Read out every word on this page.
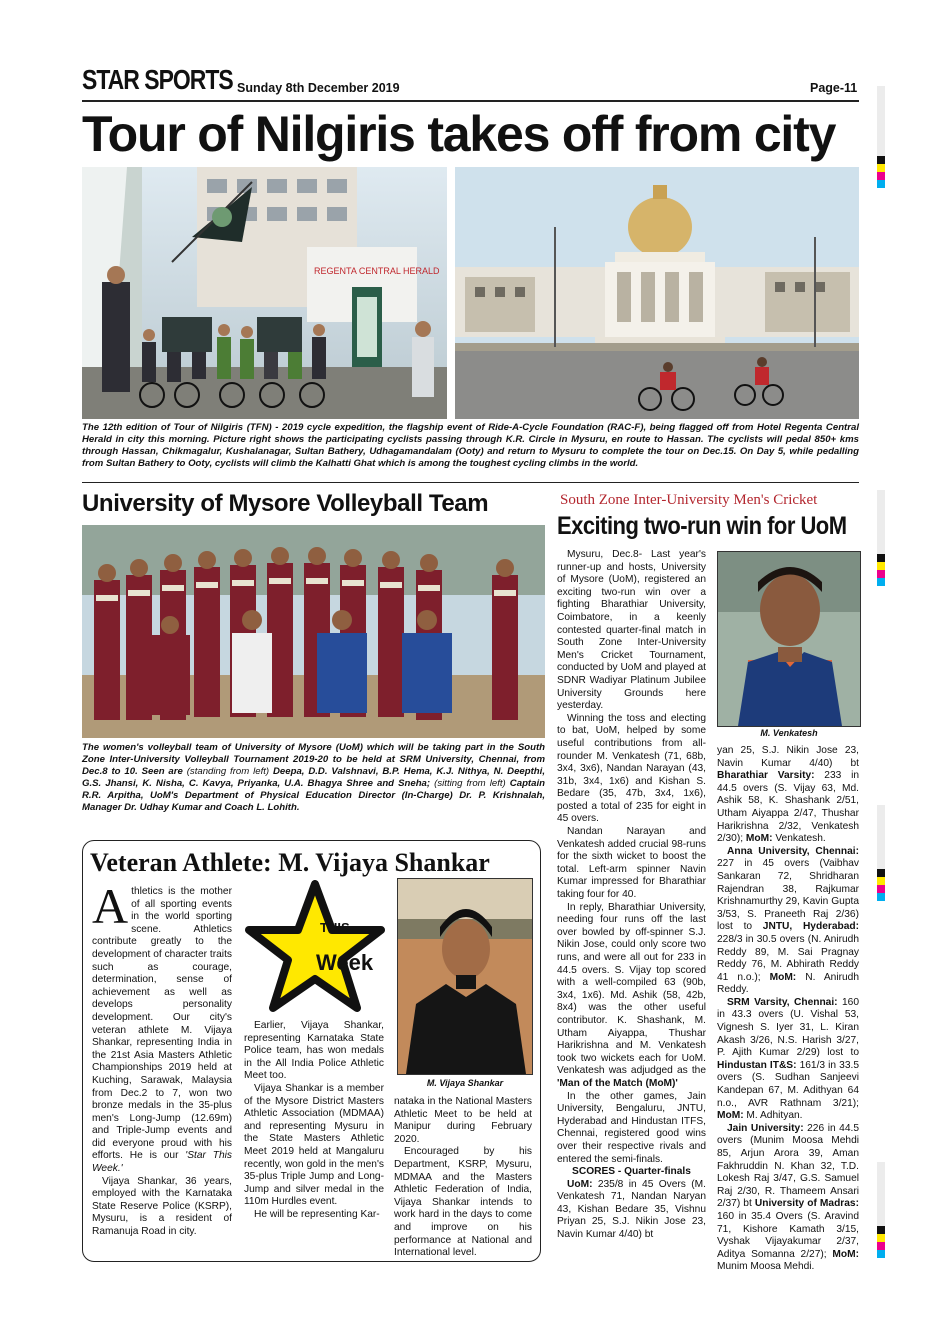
STAR SPORTS Sunday 8th December 2019	Page-11
Tour of Nilgiris takes off from city
REGENTA CENTRAL HERALD
The 12th edition of Tour of Nilgiris (TFN) - 2019 cycle expedition, the flagship event of Ride-A-Cycle Foundation (RAC-F), being flagged off from Hotel Regenta Central Herald in city this morning. Picture right shows the participating cyclists passing through K.R. Circle in Mysuru, en route to Hassan. The cyclists will pedal 850+ kms through Hassan, Chikmagalur, Kushalanagar, Sultan Bathery, Udhagamandalam (Ooty) and return to Mysuru to complete the tour on Dec.15. On Day 5, while pedalling from Sultan Bathery to Ooty, cyclists will climb the Kalhatti Ghat which is among the toughest cycling climbs in the world.
University of Mysore Volleyball Team
The women's volleyball team of University of Mysore (UoM) which will be taking part in the South Zone Inter-University Volleyball Tournament 2019-20 to be held at SRM University, Chennai, from Dec.8 to 10. Seen are (standing from left) Deepa, D.D. Valshnavi, B.P. Hema, K.J. Nithya, N. Deepthi, G.S. Jhansi, K. Nisha, C. Kavya, Priyanka, U.A. Bhagya Shree and Sneha; (sitting from left) Captain R.R. Arpitha, UoM's Department of Physical Education Director (In-Charge) Dr. P. Krishnalah, Manager Dr. Udhay Kumar and Coach L. Lohith.
South Zone Inter-University Men's Cricket
Exciting two-run win for UoM

Mysuru, Dec.8- Last year's runner-up and hosts, University of Mysore (UoM), registered an exciting two-run win over a fighting Bharathiar University, Coimbatore, in a keenly contested quarter-final match in South Zone Inter-University Men's Cricket Tournament, conducted by UoM and played at SDNR Wadiyar Platinum Jubilee University Grounds here yesterday.

Winning the toss and electing to bat, UoM, helped by some useful contributions from all-rounder M. Venkatesh (71, 68b, 3x4, 3x6), Nandan Narayan (43, 31b, 3x4, 1x6) and Kishan S. Bedare (35, 47b, 3x4, 1x6), posted a total of 235 for eight in 45 overs.

Nandan Narayan and Venkatesh added crucial 98-runs for the sixth wicket to boost the total. Left-arm spinner Navin Kumar impressed for Bharathiar taking four for 40.

In reply, Bharathiar University, needing four runs off the last over bowled by off-spinner S.J. Nikin Jose, could only score two runs, and were all out for 233 in 44.5 overs. S. Vijay top scored with a well-compiled 63 (90b, 3x4, 1x6). Md. Ashik (58, 42b, 8x4) was the other useful contributor. K. Shashank, M. Utham Aiyappa, Thushar Harikrishna and M. Venkatesh took two wickets each for UoM. Venkatesh was adjudged as the 'Man of the Match (MoM)'

In the other games, Jain University, Bengaluru, JNTU, Hyderabad and Hindustan ITFS, Chennai, registered good wins over their respective rivals and entered the semi-finals.

SCORES - Quarter-finals

UoM: 235/8 in 45 Overs (M. Venkatesh 71, Nandan Naryan 43, Kishan Bedare 35, Vishnu Priyan 25, S.J. Nikin Jose 23, Navin Kumar 4/40) bt

M. Venkatesh

yan 25, S.J. Nikin Jose 23, Navin Kumar 4/40) bt Bharathiar Varsity: 233 in 44.5 overs (S. Vijay 63, Md. Ashik 58, K. Shashank 2/51, Utham Aiyappa 2/47, Thushar Harikrishna 2/32, Venkatesh 2/30); MoM: Venkatesh.

Anna University, Chennai: 227 in 45 overs (Vaibhav Sankaran 72, Shridharan Rajendran 38, Rajkumar Krishnamurthy 29, Kavin Gupta 3/53, S. Praneeth Raj 2/36) lost to JNTU, Hyderabad: 228/3 in 30.5 overs (N. Anirudh Reddy 89, M. Sai Pragnay Reddy 76, M. Abhirath Reddy 41 n.o.); MoM: N. Anirudh Reddy.

SRM Varsity, Chennai: 160 in 43.3 overs (U. Vishal 53, Vignesh S. Iyer 31, L. Kiran Akash 3/26, N.S. Harish 3/27, P. Ajith Kumar 2/29) lost to Hindustan IT&S: 161/3 in 33.5 overs (S. Sudhan Sanjeevi Kandepan 67, M. Adithyan 64 n.o., AVR Rathnam 3/21); MoM: M. Adhityan.

Jain University: 226 in 44.5 overs (Munim Moosa Mehdi 85, Arjun Arora 39, Aman Fakhruddin N. Khan 32, T.D. Lokesh Raj 3/47, G.S. Samuel Raj 2/30, R. Thameem Ansari 2/37) bt University of Madras: 160 in 35.4 Overs (S. Aravind 71, Kishore Kamath 3/15, Vyshak Vijayakumar 2/37, Aditya Somanna 2/27); MoM: Munim Moosa Mehdi.

Veteran Athlete: M. Vijaya Shankar

Athletics is the mother of all sporting events in the world sporting scene. Athletics contribute greatly to the development of character traits such as courage, determination, sense of achievement as well as develops personality development. Our city's veteran athlete M. Vijaya Shankar, representing India in the 21st Asia Masters Athletic Championships 2019 held at Kuching, Sarawak, Malaysia from Dec.2 to 7, won two bronze medals in the 35-plus men's Long-Jump (12.69m) and Triple-Jump events and did everyone proud with his efforts. He is our 'Star This Week.'

Vijaya Shankar, 36 years, employed with the Karnataka State Reserve Police (KSRP), Mysuru, is a resident of Ramanuja Road in city.

THIS
Week
M. Vijaya Shankar

Earlier, Vijaya Shankar, representing Karnataka State Police team, has won medals in the All India Police Athletic Meet too.

Vijaya Shankar is a member of the Mysore District Masters Athletic Association (MDMAA) and representing Mysuru in the State Masters Athletic Meet 2019 held at Mangaluru recently, won gold in the men's 35-plus Triple Jump and Long-Jump and silver medal in the 110m Hurdles event.

He will be representing Kar-

nataka in the National Masters Athletic Meet to be held at Manipur during February 2020.

Encouraged by his Department, KSRP, Mysuru, MDMAA and the Masters Athletic Federation of India, Vijaya Shankar intends to work hard in the days to come and improve on his performance at National and International level.
